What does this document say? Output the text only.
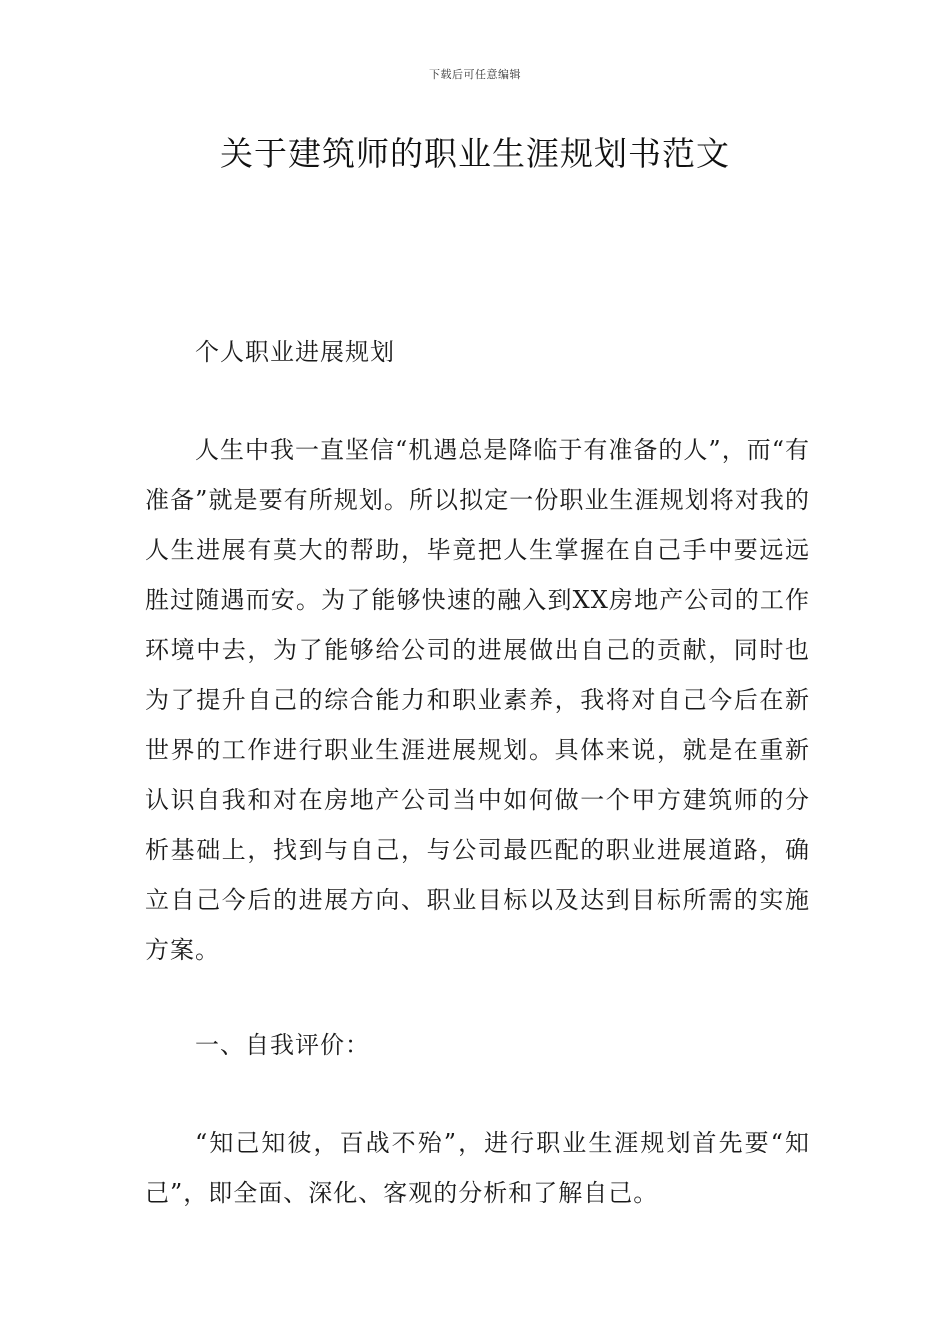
下载后可任意编辑
关于建筑师的职业生涯规划书范文

个人职业进展规划

人生中我一直坚信“机遇总是降临于有准备的人”，而“有准备”就是要有所规划。所以拟定一份职业生涯规划将对我的人生进展有莫大的帮助，毕竟把人生掌握在自己手中要远远胜过随遇而安。为了能够快速的融入到XX房地产公司的工作环境中去，为了能够给公司的进展做出自己的贡献，同时也为了提升自己的综合能力和职业素养，我将对自己今后在新世界的工作进行职业生涯进展规划。具体来说，就是在重新认识自我和对在房地产公司当中如何做一个甲方建筑师的分析基础上，找到与自己，与公司最匹配的职业进展道路，确立自己今后的进展方向、职业目标以及达到目标所需的实施方案。

一、自我评价：

“知己知彼，百战不殆”，进行职业生涯规划首先要“知己”，即全面、深化、客观的分析和了解自己。
